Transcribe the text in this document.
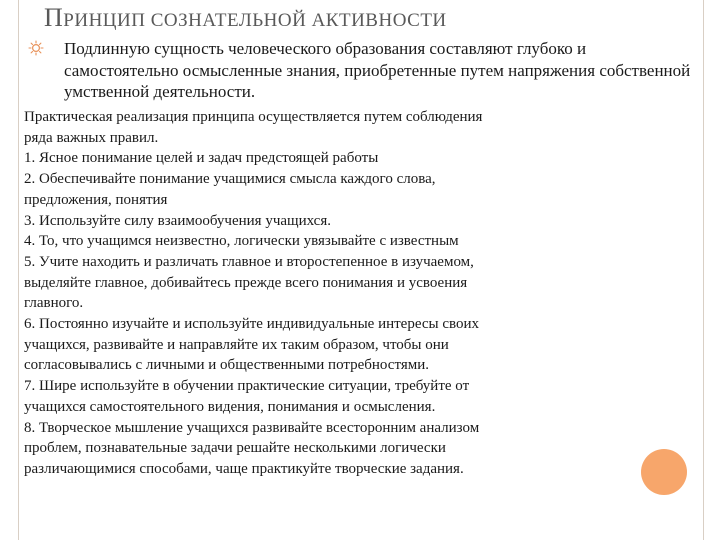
ПРИНЦИП СОЗНАТЕЛЬНОЙ АКТИВНОСТИ
Подлинную сущность человеческого образования составляют глубоко и самостоятельно осмысленные знания, приобретенные путем напряжения собственной умственной деятельности.
Практическая реализация принципа осуществляется путем соблюдения
ряда важных правил.
1. Ясное понимание целей и задач предстоящей работы
2. Обеспечивайте понимание учащимися смысла каждого слова,
предложения, понятия
3. Используйте силу взаимообучения учащихся.
4. То, что учащимся неизвестно, логически увязывайте с известным
5. Учите находить и различать главное и второстепенное в изучаемом,
выделяйте главное, добивайтесь прежде всего понимания и усвоения
главного.
6. Постоянно изучайте и используйте индивидуальные интересы своих
учащихся, развивайте и направляйте их таким образом, чтобы они
согласовывались с личными и общественными потребностями.
7. Шире используйте в обучении практические ситуации, требуйте от
учащихся самостоятельного видения, понимания и осмысления.
8. Творческое мышление учащихся развивайте всесторонним анализом
проблем, познавательные задачи решайте несколькими логически
различающимися способами, чаще практикуйте творческие задания.
